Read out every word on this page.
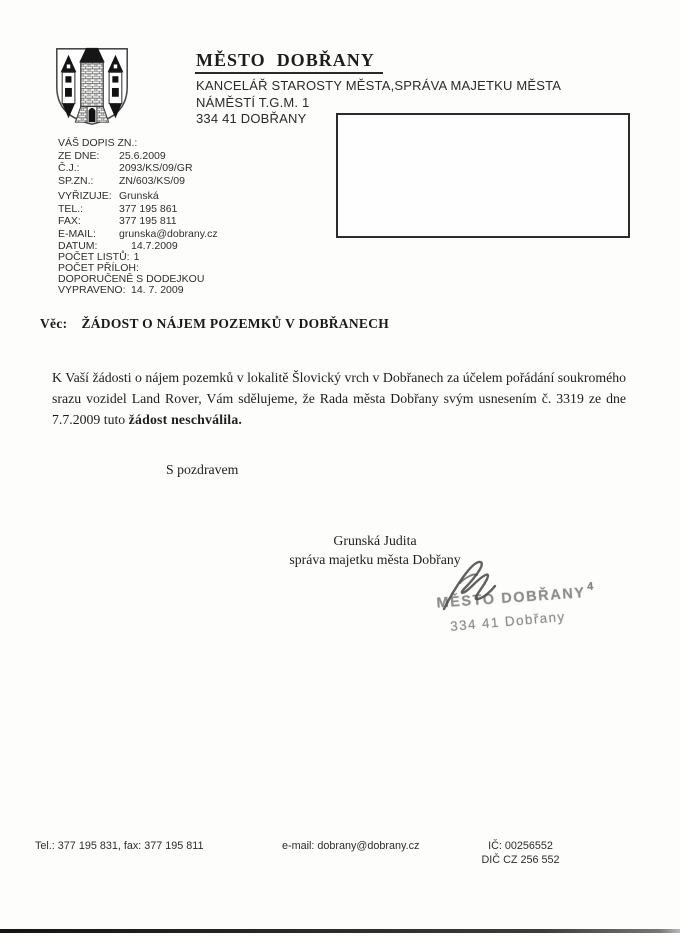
MĚSTO  DOBŘANY
KANCELÁŘ STAROSTY MĚSTA,SPRÁVA MAJETKU MĚSTA
NÁMĚSTÍ T.G.M. 1
334 41 DOBŘANY
VÁŠ DOPIS ZN.:
ZE DNE:	25.6.2009
Č.J.:	2093/KS/09/GR
SP.ZN.:	ZN/603/KS/09
VYŘIZUJE: Grunská
TEL.:	377 195 861
FAX:	377 195 811
E-MAIL:	grunska@dobrany.cz
DATUM:	14.7.2009
POČET LISTŮ: 1
POČET PŘÍLOH:
DOPORUČENĚ S DODEJKOU
VYPRAVENO: 14. 7. 2009
Věc: ŽÁDOST O NÁJEM POZEMKŮ V DOBŘANECH
K Vaší žádosti o nájem pozemků v lokalitě Šlovický vrch v Dobřanech za účelem pořádání soukromého srazu vozidel Land Rover, Vám sdělujeme, že Rada města Dobřany svým usnesením č. 3319 ze dne 7.7.2009 tuto žádost neschválila.
S pozdravem
Grunská Judita
správa majetku města Dobřany
MĚSTO DOBŘANY$^4$
334 41 Dobřany
Tel.: 377 195 831, fax: 377 195 811	e-mail: dobrany@dobrany.cz	IČ: 00256552
DIČ CZ 256 552
